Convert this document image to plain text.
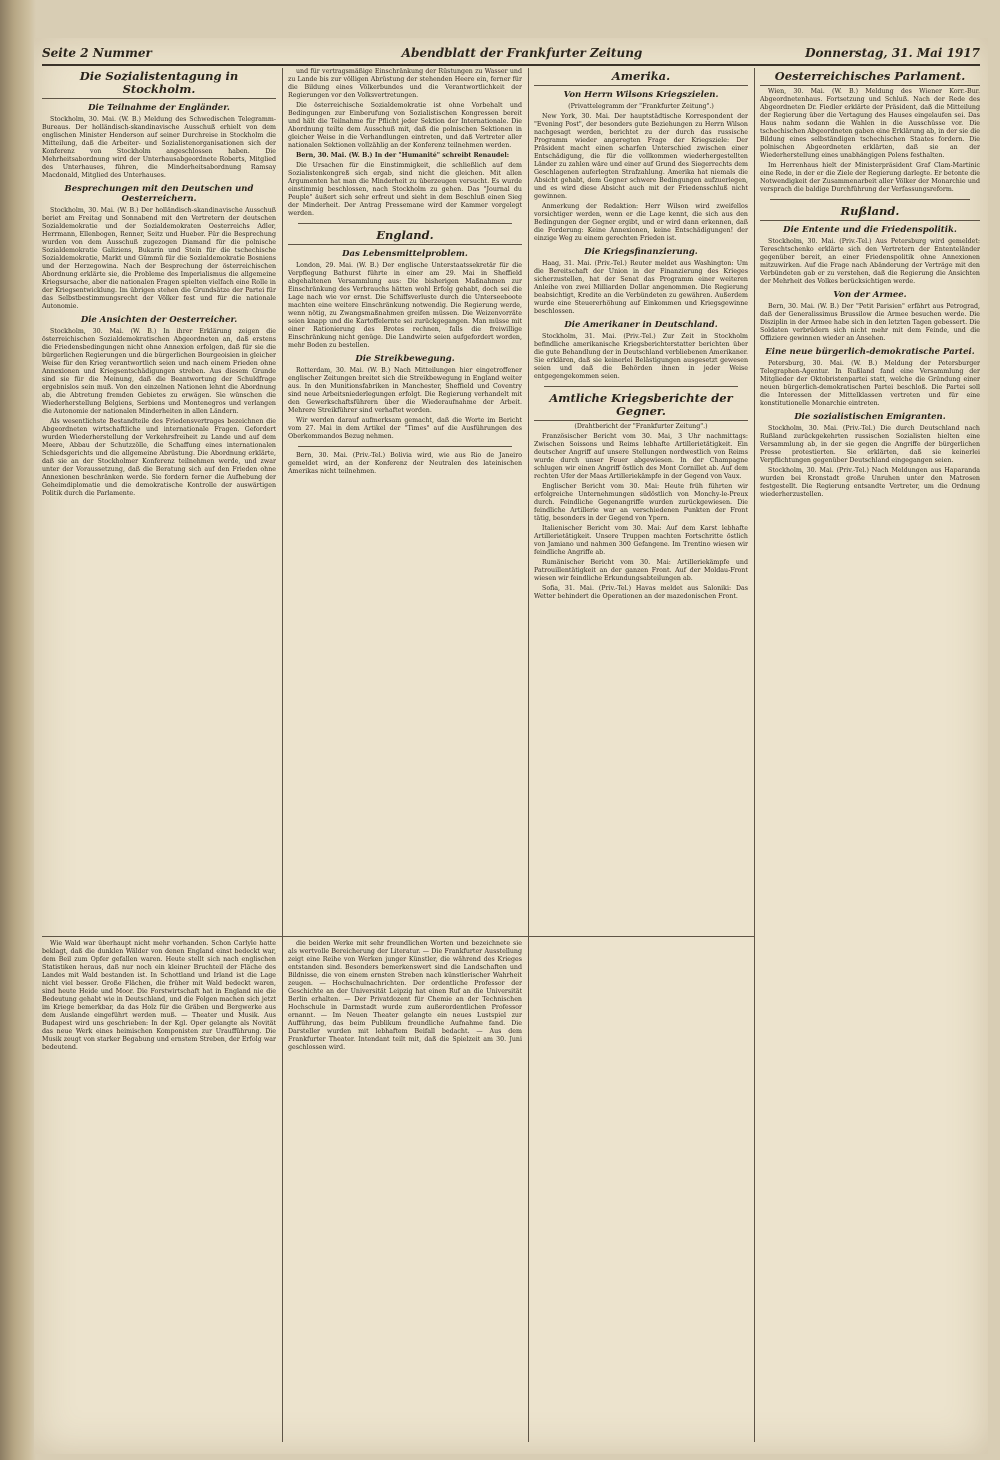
Seite 2 Nummer	Abendblatt der Frankfurter Zeitung	Donnerstag, 31. Mai 1917
Die Sozialistentagung in Stockholm.
Die Teilnahme der Engländer.

Stockholm, 30. Mai. (W. B.) Meldung des Schwedischen Telegramm-Bureaus. Der holländisch-skandinavische Ausschuß erhielt von dem englischen Minister Henderson auf seiner Durchreise in Stockholm die Mitteilung, daß die Arbeiter- und Sozialistenorganisationen sich der Konferenz von Stockholm angeschlossen haben. Die Mehrheitsabordnung wird der Unterhausabgeordnete Roberts, Mitglied des Unterhauses, führen, die Minderheitsabordnung Ramsay Macdonald, Mitglied des Unterhauses.

Besprechungen mit den Deutschen und Oesterreichern.

Stockholm, 30. Mai. (W. B.) Der holländisch-skandinavische Ausschuß beriet am Freitag und Sonnabend mit den Vertretern der deutschen Sozialdemokratie und der Sozialdemokraten Oesterreichs Adler, Herrmann, Ellenbogen, Renner, Seitz und Hueber. Für die Besprechung wurden von dem Ausschuß zugezogen Diamand für die polnische Sozialdemokratie Galiziens, Bukarin und Stein für die tschechische Sozialdemokratie, Markt und Gümmü für die Sozialdemokratie Bosniens und der Herzegowina. Nach der Besprechung der österreichischen Abordnung erklärte sie, die Probleme des Imperialismus die allgemeine Kriegsursache, aber die nationalen Fragen spielten vielfach eine Rolle in der Kriegsentwicklung. Im übrigen stehen die Grundsätze der Partei für das Selbstbestimmungsrecht der Völker fest und für die nationale Autonomie.

Die Ansichten der Oesterreicher.

Stockholm, 30. Mai. (W. B.) In ihrer Erklärung zeigen die österreichischen Sozialdemokratischen Abgeordneten an, daß erstens die Friedensbedingungen nicht ohne Annexion erfolgen, daß für sie die bürgerlichen Regierungen und die bürgerlichen Bourgeoisien in gleicher Weise für den Krieg verantwortlich seien und nach einem Frieden ohne Annexionen und Kriegsentschädigungen streben. Aus diesem Grunde sind sie für die Meinung, daß die Beantwortung der Schuldfrage ergebnislos sein muß. Von den einzelnen Nationen lehnt die Abordnung ab, die Abtretung fremden Gebietes zu erwägen. Sie wünschen die Wiederherstellung Belgiens, Serbiens und Montenegros und verlangen die Autonomie der nationalen Minderheiten in allen Ländern.

Als wesentlichste Bestandteile des Friedensvertrages bezeichnen die Abgeordneten wirtschaftliche und internationale Fragen. Gefordert wurden Wiederherstellung der Verkehrsfreiheit zu Lande und auf dem Meere, Abbau der Schutzzölle, die Schaffung eines internationalen Schiedsgerichts und die allgemeine Abrüstung. Die Abordnung erklärte, daß sie an der Stockholmer Konferenz teilnehmen werde, und zwar unter der Voraussetzung, daß die Beratung sich auf den Frieden ohne Annexionen beschränken werde. Sie fordern ferner die Aufhebung der Geheimdiplomatie und die demokratische Kontrolle der auswärtigen Politik durch die Parlamente.

und für vertragsmäßige Einschränkung der Rüstungen zu Wasser und zu Lande bis zur völligen Abrüstung der stehenden Heere ein, ferner für die Bildung eines Völkerbundes und die Verantwortlichkeit der Regierungen vor den Volksvertretungen.

Die österreichische Sozialdemokratie ist ohne Vorbehalt und Bedingungen zur Einberufung von Sozialistischen Kongressen bereit und hält die Teilnahme für Pflicht jeder Sektion der Internationale. Die Abordnung teilte dem Ausschuß mit, daß die polnischen Sektionen in gleicher Weise in die Verhandlungen eintreten, und daß Vertreter aller nationalen Sektionen vollzählig an der Konferenz teilnehmen werden.

Bern, 30. Mai. (W. B.) In der "Humanité" schreibt Renaudel:

Die Ursachen für die Einstimmigkeit, die schließlich auf dem Sozialistenkongreß sich ergab, sind nicht die gleichen. Mit allen Argumenten hat man die Minderheit zu überzeugen versucht. Es wurde einstimmig beschlossen, nach Stockholm zu gehen. Das "Journal du Peuple" äußert sich sehr erfreut und sieht in dem Beschluß einen Sieg der Minderheit. Der Antrag Pressemane wird der Kammer vorgelegt werden.

England.
Das Lebensmittelproblem.

London, 29. Mai. (W. B.) Der englische Unterstaatssekretär für die Verpflegung Bathurst führte in einer am 29. Mai in Sheffield abgehaltenen Versammlung aus: Die bisherigen Maßnahmen zur Einschränkung des Verbrauchs hätten wohl Erfolg gehabt, doch sei die Lage nach wie vor ernst. Die Schiffsverluste durch die Unterseeboote machten eine weitere Einschränkung notwendig. Die Regierung werde, wenn nötig, zu Zwangsmaßnahmen greifen müssen. Die Weizenvorräte seien knapp und die Kartoffelernte sei zurückgegangen. Man müsse mit einer Rationierung des Brotes rechnen, falls die freiwillige Einschränkung nicht genüge. Die Landwirte seien aufgefordert worden, mehr Boden zu bestellen.

Die Streikbewegung.

Rotterdam, 30. Mai. (W. B.) Nach Mitteilungen hier eingetroffener englischer Zeitungen breitet sich die Streikbewegung in England weiter aus. In den Munitionsfabriken in Manchester, Sheffield und Coventry sind neue Arbeitsniederlegungen erfolgt. Die Regierung verhandelt mit den Gewerkschaftsführern über die Wiederaufnahme der Arbeit. Mehrere Streikführer sind verhaftet worden.

Wir werden darauf aufmerksam gemacht, daß die Worte im Bericht vom 27. Mai in dem Artikel der "Times" auf die Ausführungen des Oberkommandos Bezug nehmen.

Bern, 30. Mai. (Priv.-Tel.) Bolivia wird, wie aus Rio de Janeiro gemeldet wird, an der Konferenz der Neutralen des lateinischen Amerikas nicht teilnehmen.

Amerika.
Von Herrn Wilsons Kriegszielen.

(Privattelegramm der "Frankfurter Zeitung".)

New York, 30. Mai. Der hauptstädtische Korrespondent der "Evening Post", der besonders gute Beziehungen zu Herrn Wilson nachgesagt werden, berichtet zu der durch das russische Programm wieder angeregten Frage der Kriegsziele: Der Präsident macht einen scharfen Unterschied zwischen einer Entschädigung, die für die vollkommen wiederhergestellten Länder zu zahlen wäre und einer auf Grund des Siegerrechts dem Geschlagenen auferlegten Strafzahlung. Amerika hat niemals die Absicht gehabt, dem Gegner schwere Bedingungen aufzuerlegen, und es wird diese Absicht auch mit der Friedensschluß nicht gewinnen.

Anmerkung der Redaktion: Herr Wilson wird zweifellos vorsichtiger werden, wenn er die Lage kennt, die sich aus den Bedingungen der Gegner ergibt, und er wird dann erkennen, daß die Forderung: Keine Annexionen, keine Entschädigungen! der einzige Weg zu einem gerechten Frieden ist.

Die Kriegsfinanzierung.

Haag, 31. Mai. (Priv.-Tel.) Reuter meldet aus Washington: Um die Bereitschaft der Union in der Finanzierung des Krieges sicherzustellen, hat der Senat das Programm einer weiteren Anleihe von zwei Milliarden Dollar angenommen. Die Regierung beabsichtigt, Kredite an die Verbündeten zu gewähren. Außerdem wurde eine Steuererhöhung auf Einkommen und Kriegsgewinne beschlossen.

Die Amerikaner in Deutschland.

Stockholm, 31. Mai. (Priv.-Tel.) Zur Zeit in Stockholm befindliche amerikanische Kriegsberichterstatter berichten über die gute Behandlung der in Deutschland verbliebenen Amerikaner. Sie erklären, daß sie keinerlei Belästigungen ausgesetzt gewesen seien und daß die Behörden ihnen in jeder Weise entgegengekommen seien.

Amtliche Kriegsberichte der Gegner.

(Drahtbericht der "Frankfurter Zeitung".)

Französischer Bericht vom 30. Mai, 3 Uhr nachmittags: Zwischen Soissons und Reims lebhafte Artillerietätigkeit. Ein deutscher Angriff auf unsere Stellungen nordwestlich von Reims wurde durch unser Feuer abgewiesen. In der Champagne schlugen wir einen Angriff östlich des Mont Cornillet ab. Auf dem rechten Ufer der Maas Artilleriekämpfe in der Gegend von Vaux.

Englischer Bericht vom 30. Mai: Heute früh führten wir erfolgreiche Unternehmungen südöstlich von Monchy-le-Preux durch. Feindliche Gegenangriffe wurden zurückgewiesen. Die feindliche Artillerie war an verschiedenen Punkten der Front tätig, besonders in der Gegend von Ypern.

Italienischer Bericht vom 30. Mai: Auf dem Karst lebhafte Artillerietätigkeit. Unsere Truppen machten Fortschritte östlich von Jamiano und nahmen 300 Gefangene. Im Trentino wiesen wir feindliche Angriffe ab.

Rumänischer Bericht vom 30. Mai: Artilleriekämpfe und Patrouillentätigkeit an der ganzen Front. Auf der Moldau-Front wiesen wir feindliche Erkundungsabteilungen ab.

Sofia, 31. Mai. (Priv.-Tel.) Havas meldet aus Saloniki: Das Wetter behindert die Operationen an der mazedonischen Front.

Oesterreichisches Parlament.

Wien, 30. Mai. (W. B.) Meldung des Wiener Korr.-Bur. Abgeordnetenhaus. Fortsetzung und Schluß. Nach der Rede des Abgeordneten Dr. Fiedler erklärte der Präsident, daß die Mitteilung der Regierung über die Vertagung des Hauses eingelaufen sei. Das Haus nahm sodann die Wahlen in die Ausschüsse vor. Die tschechischen Abgeordneten gaben eine Erklärung ab, in der sie die Bildung eines selbständigen tschechischen Staates fordern. Die polnischen Abgeordneten erklärten, daß sie an der Wiederherstellung eines unabhängigen Polens festhalten.

Im Herrenhaus hielt der Ministerpräsident Graf Clam-Martinic eine Rede, in der er die Ziele der Regierung darlegte. Er betonte die Notwendigkeit der Zusammenarbeit aller Völker der Monarchie und versprach die baldige Durchführung der Verfassungsreform.

Rußland.
Die Entente und die Friedenspolitik.

Stockholm, 30. Mai. (Priv.-Tel.) Aus Petersburg wird gemeldet: Tereschtschenko erklärte sich den Vertretern der Ententeländer gegenüber bereit, an einer Friedenspolitik ohne Annexionen mitzuwirken. Auf die Frage nach Abänderung der Verträge mit den Verbündeten gab er zu verstehen, daß die Regierung die Ansichten der Mehrheit des Volkes berücksichtigen werde.

Von der Armee.

Bern, 30. Mai. (W. B.) Der "Petit Parisien" erfährt aus Petrograd, daß der Generalissimus Brussilow die Armee besuchen werde. Die Disziplin in der Armee habe sich in den letzten Tagen gebessert. Die Soldaten verbrüdern sich nicht mehr mit dem Feinde, und die Offiziere gewinnen wieder an Ansehen.

Eine neue bürgerlich-demokratische Partei.

Petersburg, 30. Mai. (W. B.) Meldung der Petersburger Telegraphen-Agentur. In Rußland fand eine Versammlung der Mitglieder der Oktobristenpartei statt, welche die Gründung einer neuen bürgerlich-demokratischen Partei beschloß. Die Partei soll die Interessen der Mittelklassen vertreten und für eine konstitutionelle Monarchie eintreten.

Die sozialistischen Emigranten.

Stockholm, 30. Mai. (Priv.-Tel.) Die durch Deutschland nach Rußland zurückgekehrten russischen Sozialisten hielten eine Versammlung ab, in der sie gegen die Angriffe der bürgerlichen Presse protestierten. Sie erklärten, daß sie keinerlei Verpflichtungen gegenüber Deutschland eingegangen seien.

Stockholm, 30. Mai. (Priv.-Tel.) Nach Meldungen aus Haparanda wurden bei Kronstadt große Unruhen unter den Matrosen festgestellt. Die Regierung entsandte Vertreter, um die Ordnung wiederherzustellen.

Wie Wald war überhaupt nicht mehr vorhanden. Schon Carlyle hatte beklagt, daß die dunklen Wälder von denen England einst bedeckt war, dem Beil zum Opfer gefallen waren. Heute stellt sich nach englischen Statistiken heraus, daß nur noch ein kleiner Bruchteil der Fläche des Landes mit Wald bestanden ist. In Schottland und Irland ist die Lage nicht viel besser. Große Flächen, die früher mit Wald bedeckt waren, sind heute Heide und Moor. Die Forstwirtschaft hat in England nie die Bedeutung gehabt wie in Deutschland, und die Folgen machen sich jetzt im Kriege bemerkbar, da das Holz für die Gräben und Bergwerke aus dem Auslande eingeführt werden muß. — Theater und Musik. Aus Budapest wird uns geschrieben: In der Kgl. Oper gelangte als Novität das neue Werk eines heimischen Komponisten zur Uraufführung. Die Musik zeugt von starker Begabung und ernstem Streben, der Erfolg war bedeutend.

die beiden Werke mit sehr freundlichen Worten und bezeichnete sie als wertvolle Bereicherung der Literatur. — Die Frankfurter Ausstellung zeigt eine Reihe von Werken junger Künstler, die während des Krieges entstanden sind. Besonders bemerkenswert sind die Landschaften und Bildnisse, die von einem ernsten Streben nach künstlerischer Wahrheit zeugen. — Hochschulnachrichten. Der ordentliche Professor der Geschichte an der Universität Leipzig hat einen Ruf an die Universität Berlin erhalten. — Der Privatdozent für Chemie an der Technischen Hochschule in Darmstadt wurde zum außerordentlichen Professor ernannt. — Im Neuen Theater gelangte ein neues Lustspiel zur Aufführung, das beim Publikum freundliche Aufnahme fand. Die Darsteller wurden mit lebhaftem Beifall bedacht. — Aus dem Frankfurter Theater. Intendant teilt mit, daß die Spielzeit am 30. Juni geschlossen wird.
